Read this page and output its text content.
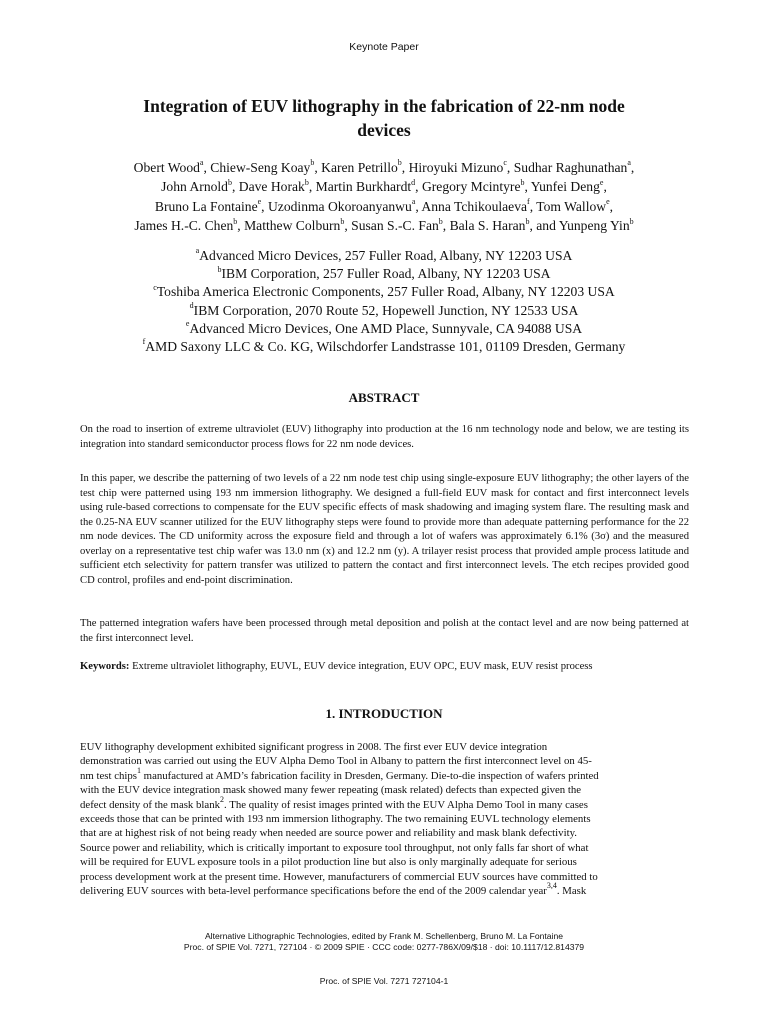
Keynote Paper
Integration of EUV lithography in the fabrication of 22-nm node
devices
Obert Wood$^a$, Chiew-Seng Koay$^b$, Karen Petrillo$^b$, Hiroyuki Mizuno$^c$, Sudhar Raghunathan$^a$,
John Arnold$^b$, Dave Horak$^b$, Martin Burkhardt$^d$, Gregory Mcintyre$^b$, Yunfei Deng$^e$,
Bruno La Fontaine$^e$, Uzodinma Okoroanyanwu$^a$, Anna Tchikoulaeva$^f$, Tom Wallow$^e$,
James H.-C. Chen$^b$, Matthew Colburn$^b$, Susan S.-C. Fan$^b$, Bala S. Haran$^b$, and Yunpeng Yin$^b$
$^a$Advanced Micro Devices, 257 Fuller Road, Albany, NY 12203 USA
$^b$IBM Corporation, 257 Fuller Road, Albany, NY 12203 USA
$^c$Toshiba America Electronic Components, 257 Fuller Road, Albany, NY 12203 USA
$^d$IBM Corporation, 2070 Route 52, Hopewell Junction, NY 12533 USA
$^e$Advanced Micro Devices, One AMD Place, Sunnyvale, CA 94088 USA
$^f$AMD Saxony LLC & Co. KG, Wilschdorfer Landstrasse 101, 01109 Dresden, Germany
ABSTRACT
On the road to insertion of extreme ultraviolet (EUV) lithography into production at the 16 nm technology node and below, we are testing its integration into standard semiconductor process flows for 22 nm node devices.
In this paper, we describe the patterning of two levels of a 22 nm node test chip using single-exposure EUV lithography; the other layers of the test chip were patterned using 193 nm immersion lithography. We designed a full-field EUV mask for contact and first interconnect levels using rule-based corrections to compensate for the EUV specific effects of mask shadowing and imaging system flare. The resulting mask and the 0.25-NA EUV scanner utilized for the EUV lithography steps were found to provide more than adequate patterning performance for the 22 nm node devices. The CD uniformity across the exposure field and through a lot of wafers was approximately 6.1% (3σ) and the measured overlay on a representative test chip wafer was 13.0 nm (x) and 12.2 nm (y). A trilayer resist process that provided ample process latitude and sufficient etch selectivity for pattern transfer was utilized to pattern the contact and first interconnect levels. The etch recipes provided good CD control, profiles and end-point discrimination.
The patterned integration wafers have been processed through metal deposition and polish at the contact level and are now being patterned at the first interconnect level.
Keywords: Extreme ultraviolet lithography, EUVL, EUV device integration, EUV OPC, EUV mask, EUV resist process
1. INTRODUCTION
EUV lithography development exhibited significant progress in 2008. The first ever EUV device integration
demonstration was carried out using the EUV Alpha Demo Tool in Albany to pattern the first interconnect level on 45-
nm test chips$^1$ manufactured at AMD’s fabrication facility in Dresden, Germany. Die-to-die inspection of wafers printed
with the EUV device integration mask showed many fewer repeating (mask related) defects than expected given the
defect density of the mask blank$^2$. The quality of resist images printed with the EUV Alpha Demo Tool in many cases
exceeds those that can be printed with 193 nm immersion lithography. The two remaining EUVL technology elements
that are at highest risk of not being ready when needed are source power and reliability and mask blank defectivity.
Source power and reliability, which is critically important to exposure tool throughput, not only falls far short of what
will be required for EUVL exposure tools in a pilot production line but also is only marginally adequate for serious
process development work at the present time. However, manufacturers of commercial EUV sources have committed to
delivering EUV sources with beta-level performance specifications before the end of the 2009 calendar year$^{3,4}$. Mask
Alternative Lithographic Technologies, edited by Frank M. Schellenberg, Bruno M. La Fontaine
Proc. of SPIE Vol. 7271, 727104 · © 2009 SPIE · CCC code: 0277-786X/09/$18 · doi: 10.1117/12.814379
Proc. of SPIE Vol. 7271 727104-1
